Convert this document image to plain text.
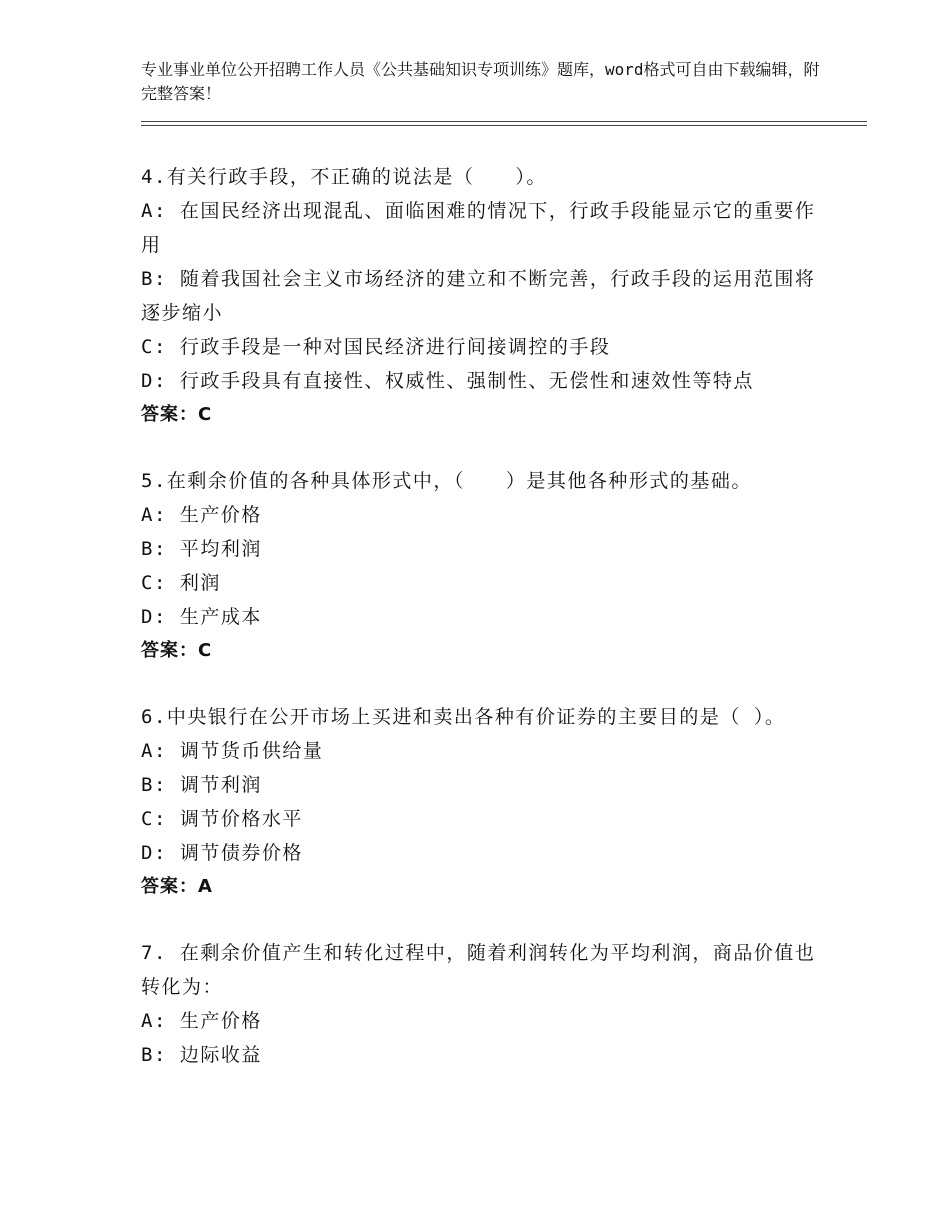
专业事业单位公开招聘工作人员《公共基础知识专项训练》题库，word格式可自由下载编辑，附完整答案！
4.有关行政手段，不正确的说法是（　　）。
A: 在国民经济出现混乱、面临困难的情况下，行政手段能显示它的重要作用
B: 随着我国社会主义市场经济的建立和不断完善，行政手段的运用范围将逐步缩小
C: 行政手段是一种对国民经济进行间接调控的手段
D: 行政手段具有直接性、权威性、强制性、无偿性和速效性等特点
答案：C
5.在剩余价值的各种具体形式中，（　　）是其他各种形式的基础。
A: 生产价格
B: 平均利润
C: 利润
D: 生产成本
答案：C
6.中央银行在公开市场上买进和卖出各种有价证券的主要目的是（ ）。
A: 调节货币供给量
B: 调节利润
C: 调节价格水平
D: 调节债券价格
答案：A
7. 在剩余价值产生和转化过程中，随着利润转化为平均利润，商品价值也转化为：
A: 生产价格
B: 边际收益
